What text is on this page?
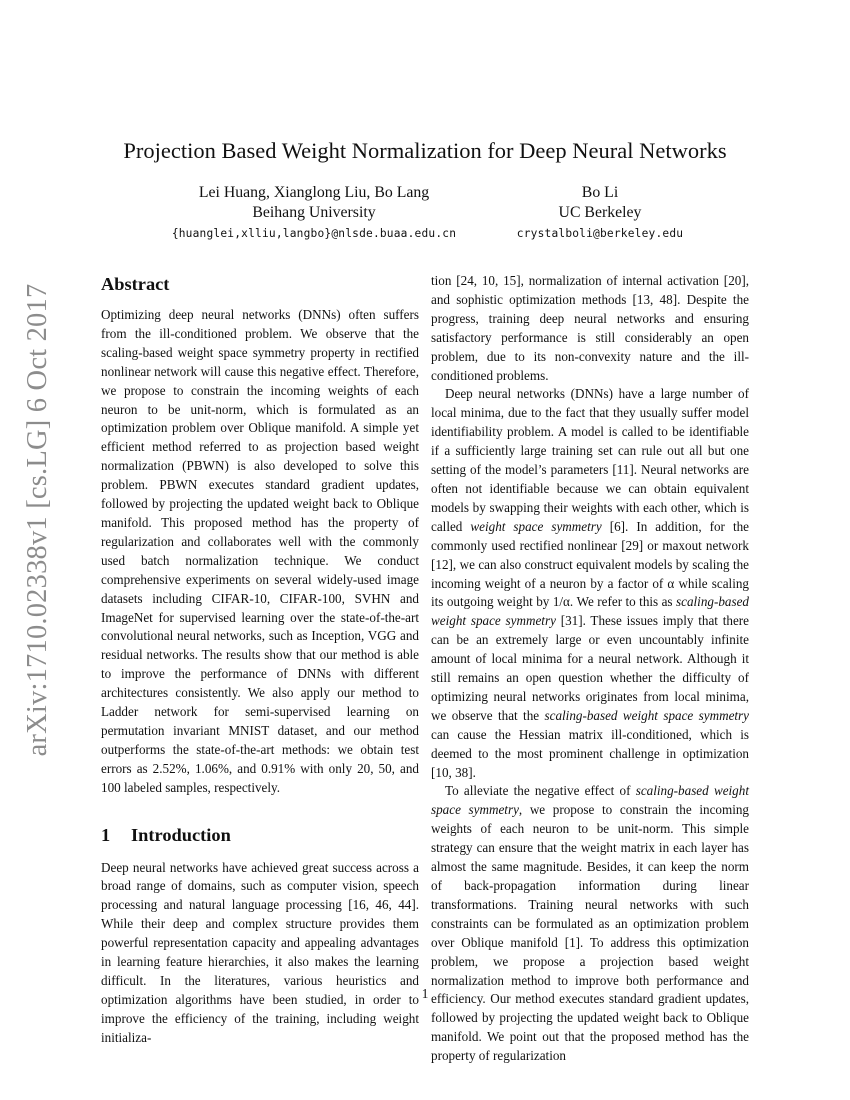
arXiv:1710.02338v1 [cs.LG] 6 Oct 2017
Projection Based Weight Normalization for Deep Neural Networks
Lei Huang, Xianglong Liu, Bo Lang
Beihang University
{huanglei,xlliu,langbo}@nlsde.buaa.edu.cn
Bo Li
UC Berkeley
crystalboli@berkeley.edu
Abstract

Optimizing deep neural networks (DNNs) often suffers from the ill-conditioned problem. We observe that the scaling-based weight space symmetry property in rectified nonlinear network will cause this negative effect. Therefore, we propose to constrain the incoming weights of each neuron to be unit-norm, which is formulated as an optimization problem over Oblique manifold. A simple yet efficient method referred to as projection based weight normalization (PBWN) is also developed to solve this problem. PBWN executes standard gradient updates, followed by projecting the updated weight back to Oblique manifold. This proposed method has the property of regularization and collaborates well with the commonly used batch normalization technique. We conduct comprehensive experiments on several widely-used image datasets including CIFAR-10, CIFAR-100, SVHN and ImageNet for supervised learning over the state-of-the-art convolutional neural networks, such as Inception, VGG and residual networks. The results show that our method is able to improve the performance of DNNs with different architectures consistently. We also apply our method to Ladder network for semi-supervised learning on permutation invariant MNIST dataset, and our method outperforms the state-of-the-art methods: we obtain test errors as 2.52%, 1.06%, and 0.91% with only 20, 50, and 100 labeled samples, respectively.

1 Introduction

Deep neural networks have achieved great success across a broad range of domains, such as computer vision, speech processing and natural language processing [16, 46, 44]. While their deep and complex structure provides them powerful representation capacity and appealing advantages in learning feature hierarchies, it also makes the learning difficult. In the literatures, various heuristics and optimization algorithms have been studied, in order to improve the efficiency of the training, including weight initializa-

tion [24, 10, 15], normalization of internal activation [20], and sophistic optimization methods [13, 48]. Despite the progress, training deep neural networks and ensuring satisfactory performance is still considerably an open problem, due to its non-convexity nature and the ill-conditioned problems.

Deep neural networks (DNNs) have a large number of local minima, due to the fact that they usually suffer model identifiability problem. A model is called to be identifiable if a sufficiently large training set can rule out all but one setting of the model’s parameters [11]. Neural networks are often not identifiable because we can obtain equivalent models by swapping their weights with each other, which is called weight space symmetry [6]. In addition, for the commonly used rectified nonlinear [29] or maxout network [12], we can also construct equivalent models by scaling the incoming weight of a neuron by a factor of α while scaling its outgoing weight by 1/α. We refer to this as scaling-based weight space symmetry [31]. These issues imply that there can be an extremely large or even uncountably infinite amount of local minima for a neural network. Although it still remains an open question whether the difficulty of optimizing neural networks originates from local minima, we observe that the scaling-based weight space symmetry can cause the Hessian matrix ill-conditioned, which is deemed to the most prominent challenge in optimization [10, 38].

To alleviate the negative effect of scaling-based weight space symmetry, we propose to constrain the incoming weights of each neuron to be unit-norm. This simple strategy can ensure that the weight matrix in each layer has almost the same magnitude. Besides, it can keep the norm of back-propagation information during linear transformations. Training neural networks with such constraints can be formulated as an optimization problem over Oblique manifold [1]. To address this optimization problem, we propose a projection based weight normalization method to improve both performance and efficiency. Our method executes standard gradient updates, followed by projecting the updated weight back to Oblique manifold. We point out that the proposed method has the property of regularization

1
